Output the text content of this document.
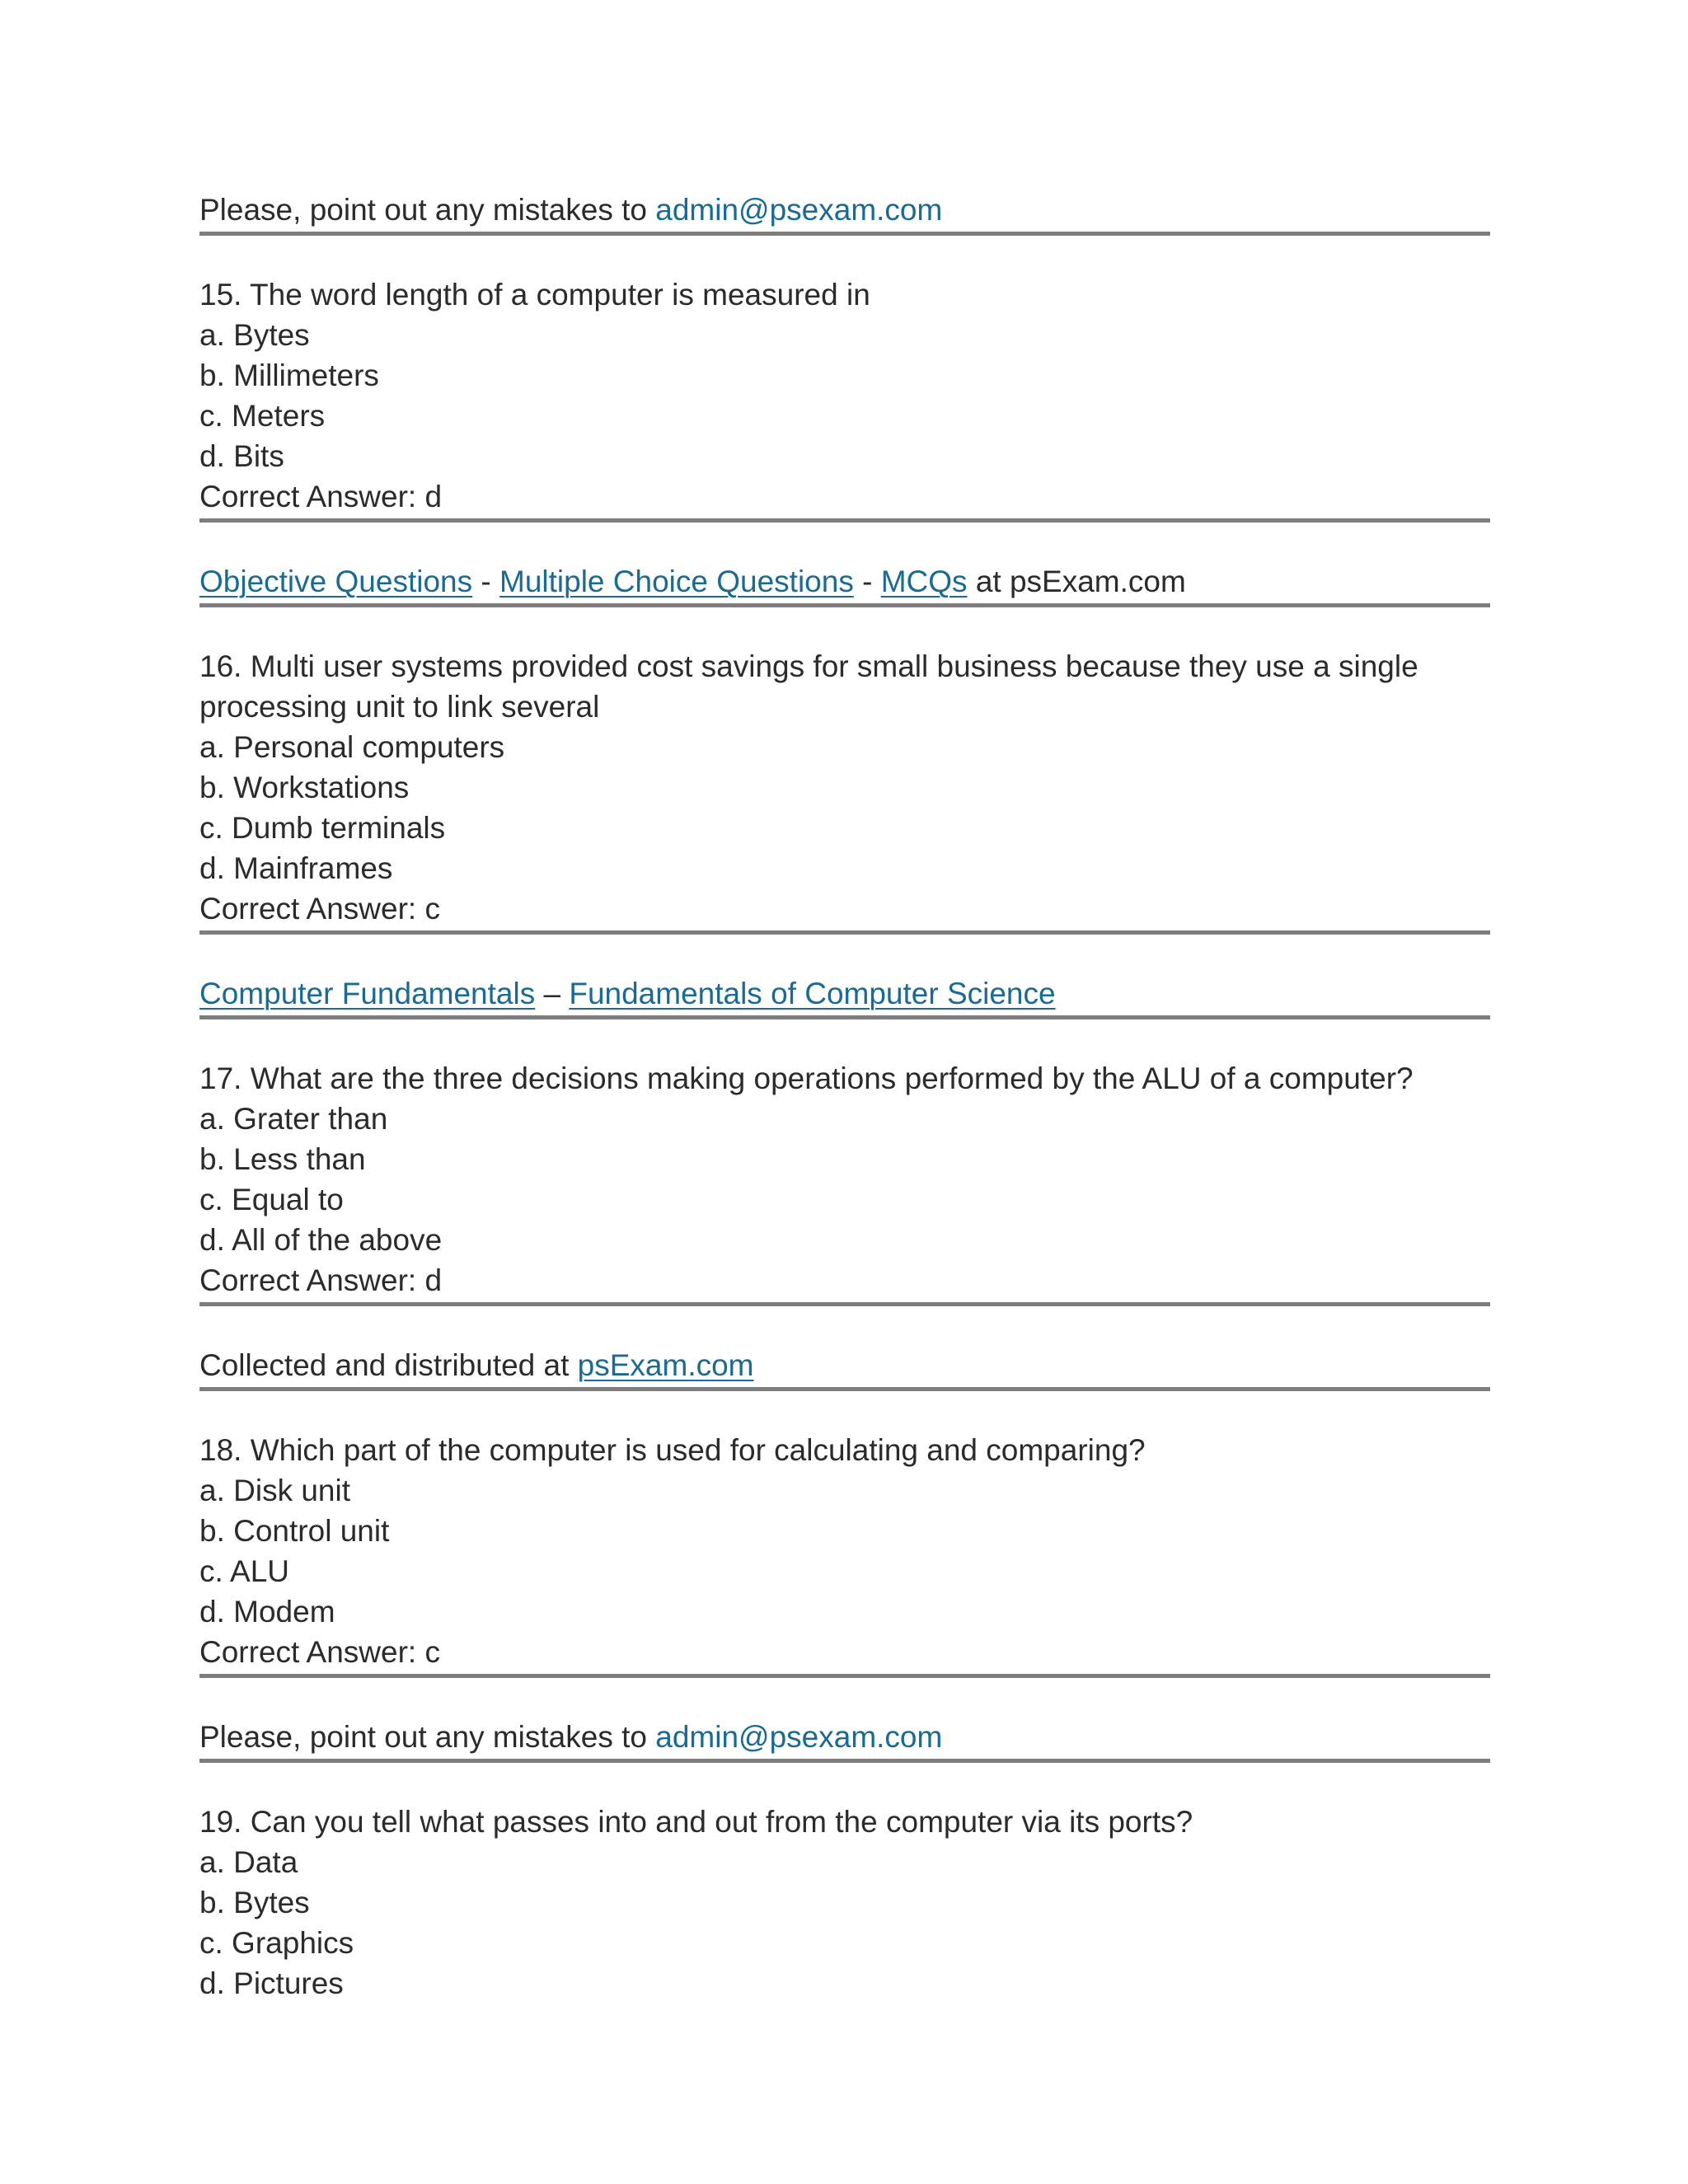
Please, point out any mistakes to admin@psexam.com
15. The word length of a computer is measured in
a. Bytes
b. Millimeters
c. Meters
d. Bits
Correct Answer: d
Objective Questions - Multiple Choice Questions - MCQs at psExam.com
16. Multi user systems provided cost savings for small business because they use a single
processing unit to link several
a. Personal computers
b. Workstations
c. Dumb terminals
d. Mainframes
Correct Answer: c
Computer Fundamentals – Fundamentals of Computer Science
17. What are the three decisions making operations performed by the ALU of a computer?
a. Grater than
b. Less than
c. Equal to
d. All of the above
Correct Answer: d
Collected and distributed at psExam.com
18. Which part of the computer is used for calculating and comparing?
a. Disk unit
b. Control unit
c. ALU
d. Modem
Correct Answer: c
Please, point out any mistakes to admin@psexam.com
19. Can you tell what passes into and out from the computer via its ports?
a. Data
b. Bytes
c. Graphics
d. Pictures
